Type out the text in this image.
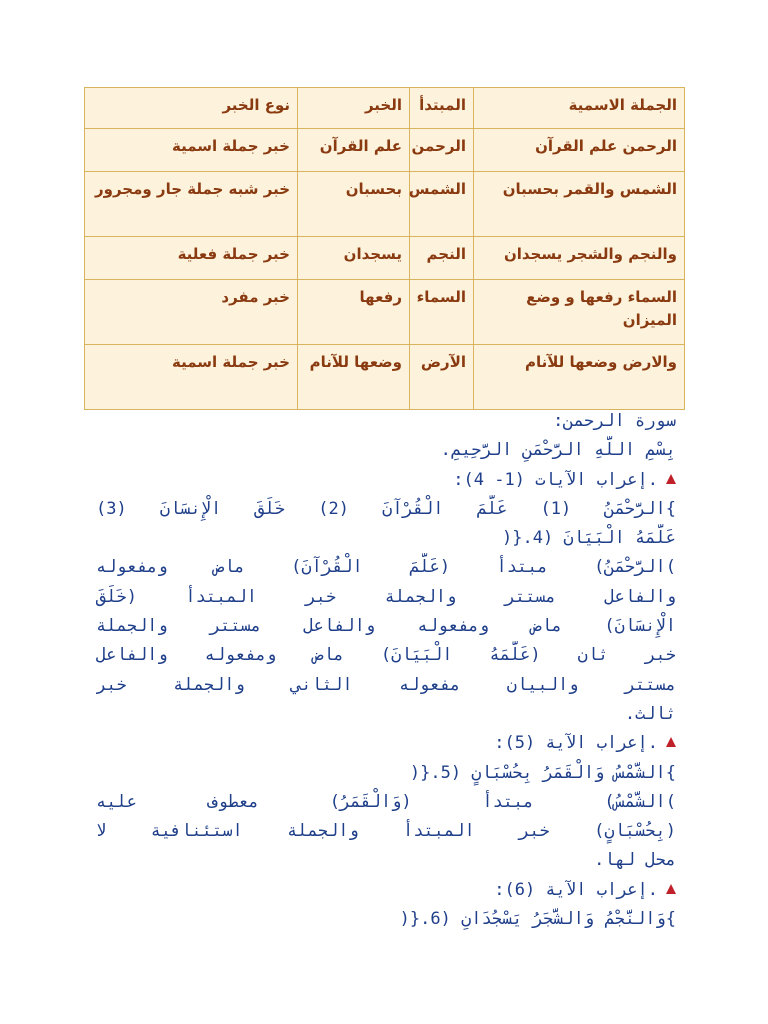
الجملة الاسمية	المبتدأ	الخبر	نوع الخبر
الرحمن علم القرآن	الرحمن	علم القرآن	خبر جملة اسمية
الشمس والقمر بحسبان	الشمس	بحسبان	خبر شبه جملة جار ومجرور
والنجم والشجر يسجدان	النجم	يسجدان	خبر جملة فعلية
السماء رفعها و وضع الميزان	السماء	رفعها	خبر مفرد
والارض وضعها للآنام	الآرض	وضعها للآنام	خبر جملة اسمية
سورة الرحمن:
بِسْمِ اللَّهِ الرَّحْمَنِ الرَّحِيمِ.
.إعراب الآيات (1- 4):
}الرَّحْمَنُ (1) عَلَّمَ الْقُرْآنَ (2) خَلَقَ الْإِنسَانَ (3)
عَلَّمَهُ الْبَيَانَ (4.{(
)الرَّحْمَنُ) مبتدأ (عَلَّمَ الْقُرْآنَ) ماض ومفعوله
والفاعل مستتر والجملة خبر المبتدأ (خَلَقَ
الْإِنسَانَ) ماض ومفعوله والفاعل مستتر والجملة
خبر ثان (عَلَّمَهُ الْبَيَانَ) ماض ومفعوله والفاعل
مستتر والبيان مفعوله الثاني والجملة خبر
ثالث.
.إعراب الآية (5):
}الشَّمْسُ وَالْقَمَرُ بِحُسْبَانٍ (5.{(
)الشَّمْسُ) مبتدأ (وَالْقَمَرُ) معطوف عليه
(بِحُسْبَانٍ) خبر المبتدأ والجملة استئنافية لا
محل لها.
.إعراب الآية (6):
}وَالنَّجْمُ وَالشَّجَرُ يَسْجُدَانِ (6.{(
